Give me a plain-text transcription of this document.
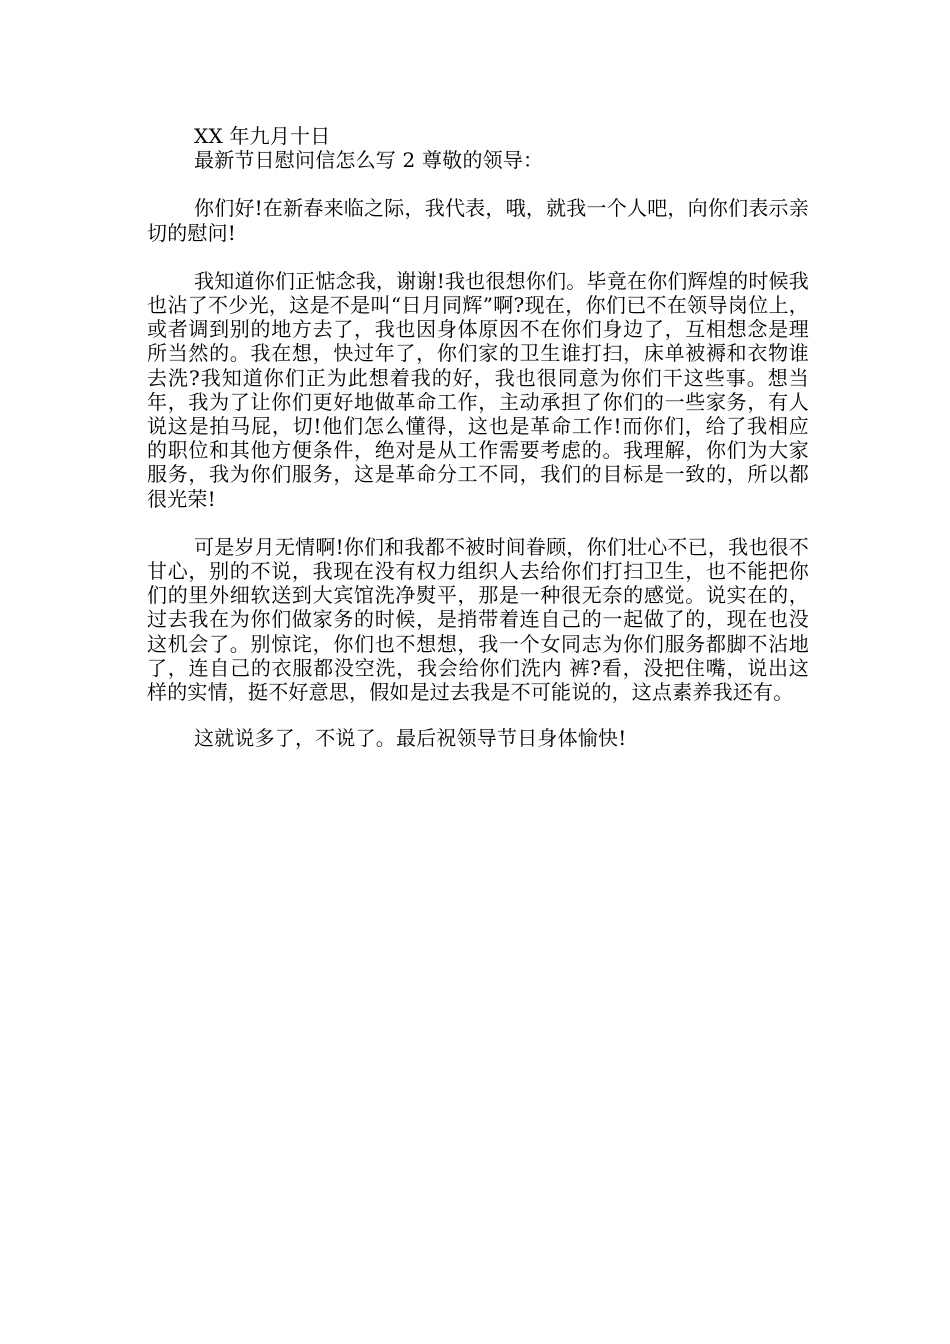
XX 年九月十日

最新节日慰问信怎么写 2 尊敬的领导：

你们好!在新春来临之际，我代表，哦，就我一个人吧，向你们表示亲切的慰问!

我知道你们正惦念我，谢谢!我也很想你们。毕竟在你们辉煌的时候我也沾了不少光，这是不是叫“日月同辉”啊?现在，你们已不在领导岗位上，或者调到别的地方去了，我也因身体原因不在你们身边了，互相想念是理所当然的。我在想，快过年了，你们家的卫生谁打扫，床单被褥和衣物谁去洗?我知道你们正为此想着我的好，我也很同意为你们干这些事。想当年，我为了让你们更好地做革命工作，主动承担了你们的一些家务，有人说这是拍马屁，切!他们怎么懂得，这也是革命工作!而你们，给了我相应的职位和其他方便条件，绝对是从工作需要考虑的。我理解，你们为大家服务，我为你们服务，这是革命分工不同，我们的目标是一致的，所以都很光荣!

可是岁月无情啊!你们和我都不被时间眷顾，你们壮心不已，我也很不甘心，别的不说，我现在没有权力组织人去给你们打扫卫生，也不能把你们的里外细软送到大宾馆洗净熨平，那是一种很无奈的感觉。说实在的，过去我在为你们做家务的时候，是捎带着连自己的一起做了的，现在也没这机会了。别惊诧，你们也不想想，我一个女同志为你们服务都脚不沾地了，连自己的衣服都没空洗，我会给你们洗内 裤?看，没把住嘴，说出这样的实情，挺不好意思，假如是过去我是不可能说的，这点素养我还有。

这就说多了，不说了。最后祝领导节日身体愉快!
